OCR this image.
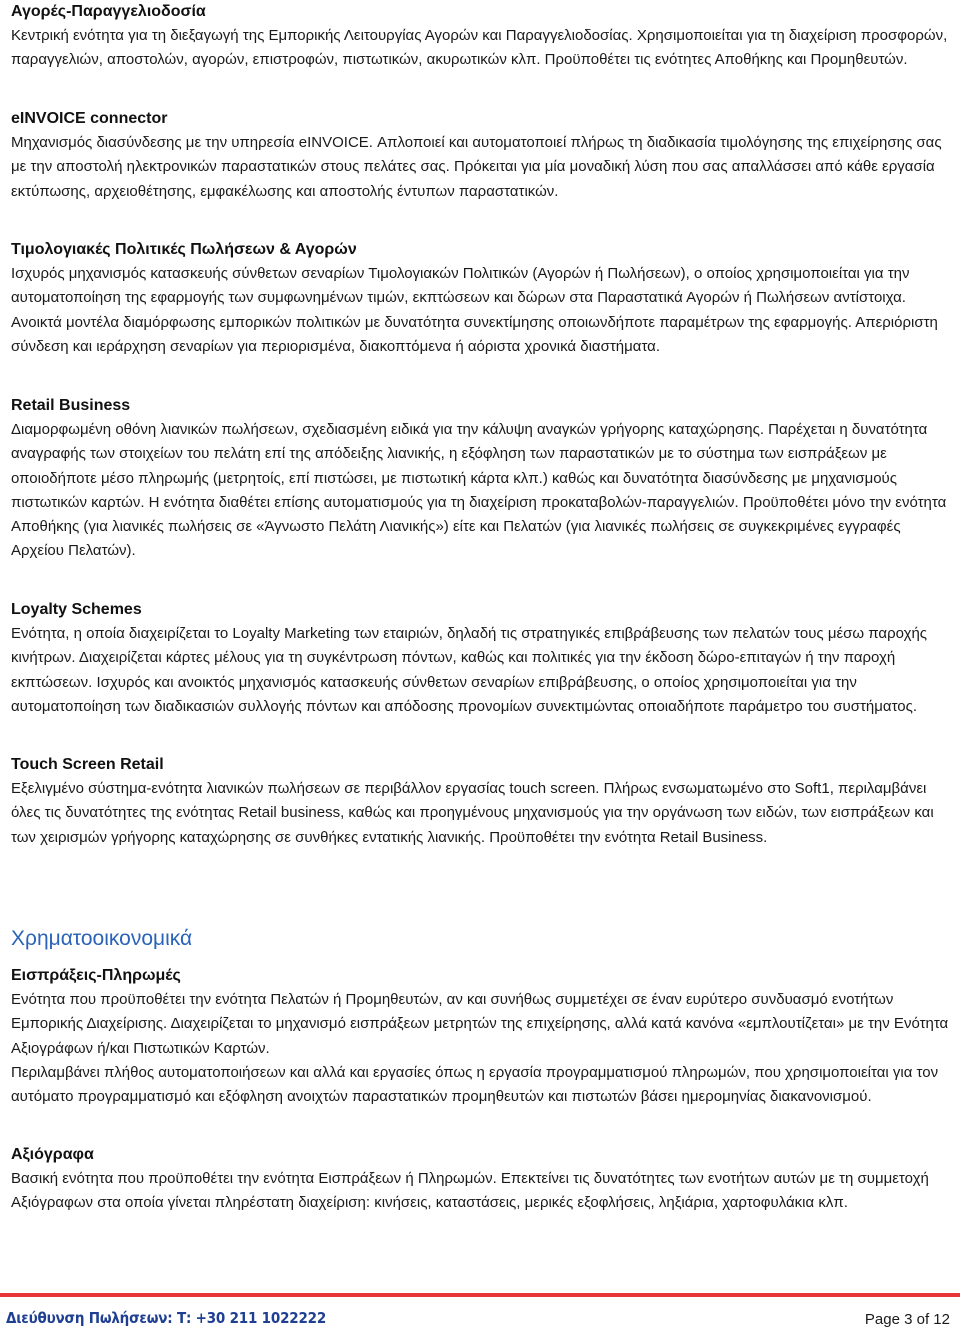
Αγορές-Παραγγελιοδοσία

Κεντρική ενότητα για τη διεξαγωγή της Εμπορικής Λειτουργίας Αγορών και Παραγγελιοδοσίας. Χρησιμοποιείται για τη διαχείριση προσφορών, παραγγελιών, αποστολών, αγορών, επιστροφών, πιστωτικών, ακυρωτικών κλπ. Προϋποθέτει τις ενότητες Αποθήκης και Προμηθευτών.

eINVOICE connector

Μηχανισμός διασύνδεσης με την υπηρεσία eINVOICE. Απλοποιεί και αυτοματοποιεί πλήρως τη διαδικασία τιμολόγησης της επιχείρησης σας με την αποστολή ηλεκτρονικών παραστατικών στους πελάτες σας. Πρόκειται για μία μοναδική λύση που σας απαλλάσσει από κάθε εργασία εκτύπωσης, αρχειοθέτησης, εμφακέλωσης και αποστολής έντυπων παραστατικών.

Τιμολογιακές Πολιτικές Πωλήσεων & Αγορών

Ισχυρός μηχανισμός κατασκευής σύνθετων σεναρίων Τιμολογιακών Πολιτικών (Αγορών ή Πωλήσεων), ο οποίος χρησιμοποιείται για την αυτοματοποίηση της εφαρμογής των συμφωνημένων τιμών, εκπτώσεων και δώρων στα Παραστατικά Αγορών ή Πωλήσεων αντίστοιχα. Ανοικτά μοντέλα διαμόρφωσης εμπορικών πολιτικών με δυνατότητα συνεκτίμησης οποιωνδήποτε παραμέτρων της εφαρμογής. Απεριόριστη σύνδεση και ιεράρχηση σεναρίων για περιορισμένα, διακοπτόμενα ή αόριστα χρονικά διαστήματα.

Retail Business

Διαμορφωμένη οθόνη λιανικών πωλήσεων, σχεδιασμένη ειδικά για την κάλυψη αναγκών γρήγορης καταχώρησης. Παρέχεται η δυνατότητα αναγραφής των στοιχείων του πελάτη επί της απόδειξης λιανικής, η εξόφληση των παραστατικών με το σύστημα των εισπράξεων με οποιοδήποτε μέσο πληρωμής (μετρητοίς, επί πιστώσει, με πιστωτική κάρτα κλπ.) καθώς και δυνατότητα διασύνδεσης με μηχανισμούς πιστωτικών καρτών. Η ενότητα διαθέτει επίσης αυτοματισμούς για τη διαχείριση προκαταβολών-παραγγελιών. Προϋποθέτει μόνο την ενότητα Αποθήκης (για λιανικές πωλήσεις σε «Άγνωστο Πελάτη Λιανικής») είτε και Πελατών (για λιανικές πωλήσεις σε συγκεκριμένες εγγραφές Αρχείου Πελατών).

Loyalty Schemes

Ενότητα, η οποία διαχειρίζεται το Loyalty Marketing των εταιριών, δηλαδή τις στρατηγικές επιβράβευσης των πελατών τους μέσω παροχής κινήτρων. Διαχειρίζεται κάρτες μέλους για τη συγκέντρωση πόντων, καθώς και πολιτικές για την έκδοση δώρο-επιταγών ή την παροχή εκπτώσεων. Ισχυρός και ανοικτός μηχανισμός κατασκευής σύνθετων σεναρίων επιβράβευσης, ο οποίος χρησιμοποιείται για την αυτοματοποίηση των διαδικασιών συλλογής πόντων και απόδοσης προνομίων συνεκτιμώντας οποιαδήποτε παράμετρο του συστήματος.

Touch Screen Retail

Εξελιγμένο σύστημα-ενότητα λιανικών πωλήσεων σε περιβάλλον εργασίας touch screen. Πλήρως ενσωματωμένο στο Soft1, περιλαμβάνει όλες τις δυνατότητες της ενότητας Retail business, καθώς και προηγμένους μηχανισμούς για την οργάνωση των ειδών, των εισπράξεων και των χειρισμών γρήγορης καταχώρησης σε συνθήκες εντατικής λιανικής. Προϋποθέτει την ενότητα Retail Business.

Χρηματοοικονομικά
Εισπράξεις-Πληρωμές

Ενότητα που προϋποθέτει την ενότητα Πελατών ή Προμηθευτών, αν και συνήθως συμμετέχει σε έναν ευρύτερο συνδυασμό ενοτήτων Εμπορικής Διαχείρισης. Διαχειρίζεται το μηχανισμό εισπράξεων μετρητών της επιχείρησης, αλλά κατά κανόνα «εμπλουτίζεται» με την Ενότητα Αξιογράφων ή/και Πιστωτικών Καρτών.

Περιλαμβάνει πλήθος αυτοματοποιήσεων και αλλά και εργασίες όπως η εργασία προγραμματισμού πληρωμών, που χρησιμοποιείται για τον αυτόματο προγραμματισμό και εξόφληση ανοιχτών παραστατικών προμηθευτών και πιστωτών βάσει ημερομηνίας διακανονισμού.

Αξιόγραφα

Βασική ενότητα που προϋποθέτει την ενότητα Εισπράξεων ή Πληρωμών. Επεκτείνει τις δυνατότητες των ενοτήτων αυτών με τη συμμετοχή Αξιόγραφων στα οποία γίνεται πληρέστατη διαχείριση: κινήσεις, καταστάσεις, μερικές εξοφλήσεις, ληξιάρια, χαρτοφυλάκια κλπ.

Διεύθυνση Πωλήσεων: Τ: +30 211 1022222	Page 3 of 12
